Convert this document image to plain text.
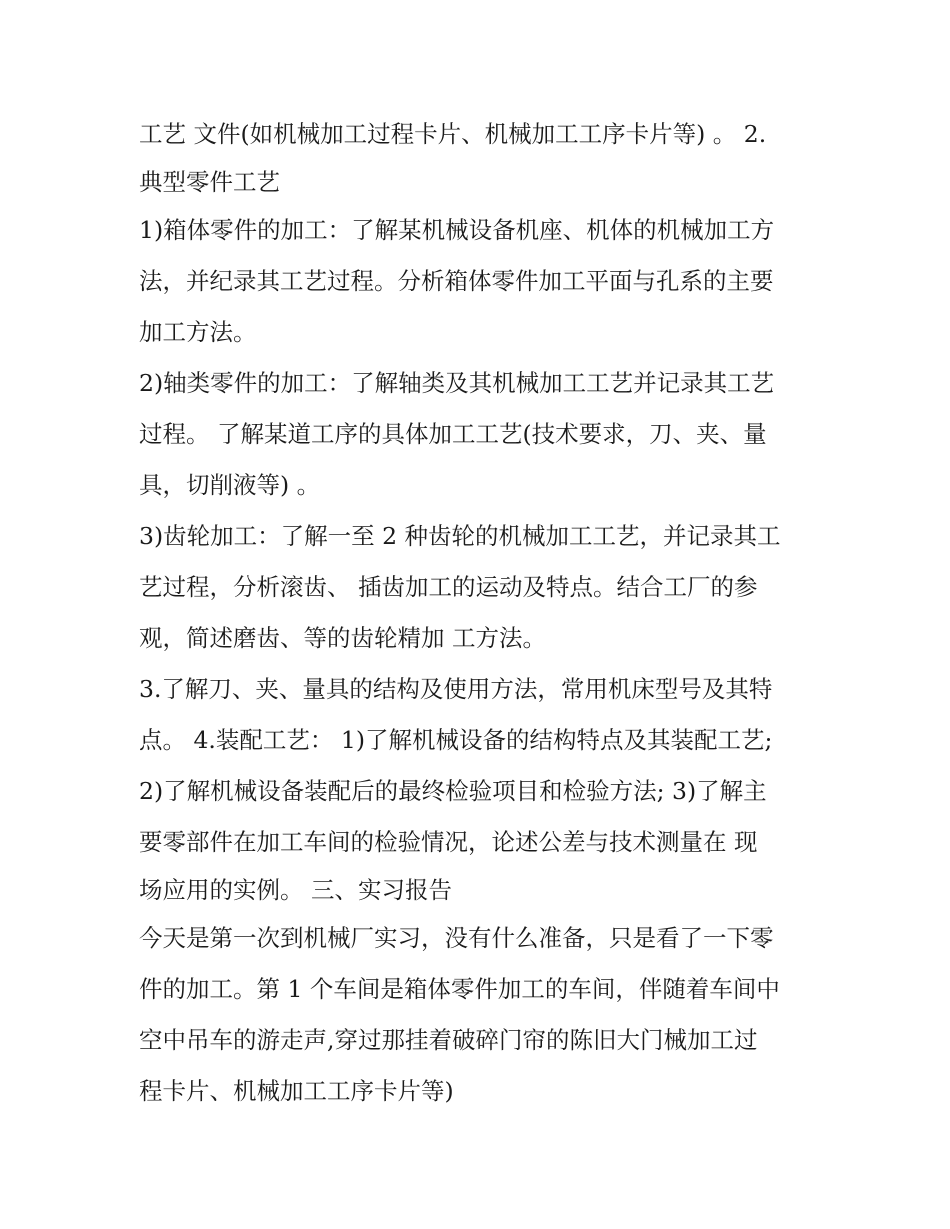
工艺 文件(如机械加工过程卡片、机械加工工序卡片等) 。 2.
典型零件工艺
1)箱体零件的加工：了解某机械设备机座、机体的机械加工方
法，并纪录其工艺过程。分析箱体零件加工平面与孔系的主要
加工方法。
2)轴类零件的加工：了解轴类及其机械加工工艺并记录其工艺
过程。 了解某道工序的具体加工工艺(技术要求，刀、夹、量
具，切削液等) 。
3)齿轮加工：了解一至 2 种齿轮的机械加工工艺，并记录其工
艺过程，分析滚齿、 插齿加工的运动及特点。结合工厂的参
观，简述磨齿、等的齿轮精加 工方法。
3.了解刀、夹、量具的结构及使用方法，常用机床型号及其特
点。 4.装配工艺： 1)了解机械设备的结构特点及其装配工艺;
2)了解机械设备装配后的最终检验项目和检验方法; 3)了解主
要零部件在加工车间的检验情况，论述公差与技术测量在 现
场应用的实例。 三、实习报告
今天是第一次到机械厂实习，没有什么准备，只是看了一下零
件的加工。第 1 个车间是箱体零件加工的车间，伴随着车间中
空中吊车的游走声,穿过那挂着破碎门帘的陈旧大门械加工过
程卡片、机械加工工序卡片等)
